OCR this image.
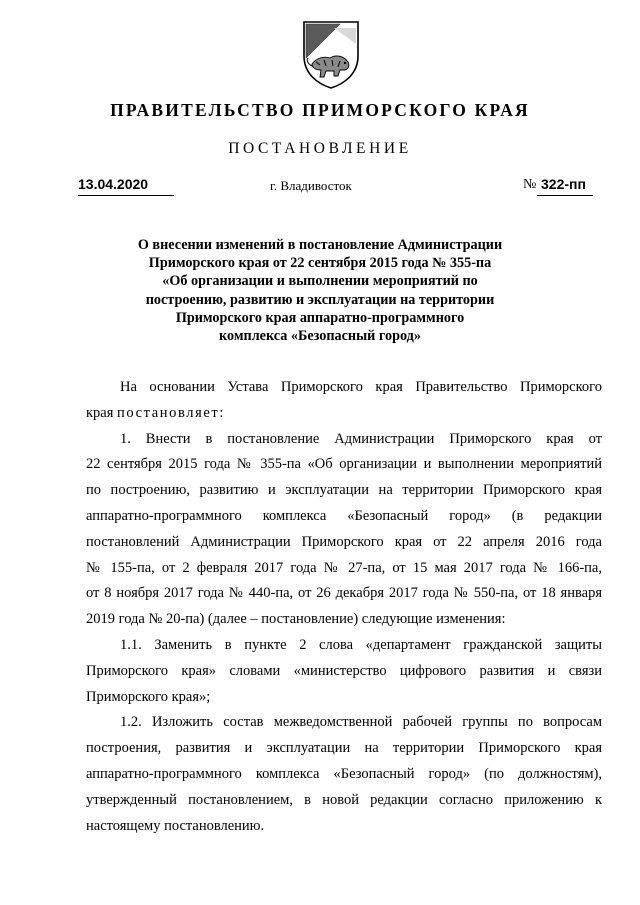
ПРАВИТЕЛЬСТВО ПРИМОРСКОГО КРАЯ
ПОСТАНОВЛЕНИЕ
13.04.2020	г. Владивосток	№ 322-пп
О внесении изменений в постановление Администрации
Приморского края от 22 сентября 2015 года № 355-па
«Об организации и выполнении мероприятий по
построению, развитию и эксплуатации на территории
Приморского края аппаратно-программного
комплекса «Безопасный город»
На основании Устава Приморского края Правительство Приморского
края постановляет:
1. Внести в постановление Администрации Приморского края от
22 сентября 2015 года № 355-па «Об организации и выполнении мероприятий
по построению, развитию и эксплуатации на территории Приморского края
аппаратно-программного комплекса «Безопасный город» (в редакции
постановлений Администрации Приморского края от 22 апреля 2016 года
№ 155-па, от 2 февраля 2017 года № 27-па, от 15 мая 2017 года № 166-па,
от 8 ноября 2017 года № 440-па, от 26 декабря 2017 года № 550-па, от 18 января
2019 года № 20-па) (далее – постановление) следующие изменения:
1.1. Заменить в пункте 2 слова «департамент гражданской защиты
Приморского края» словами «министерство цифрового развития и связи
Приморского края»;
1.2. Изложить состав межведомственной рабочей группы по вопросам
построения, развития и эксплуатации на территории Приморского края
аппаратно-программного комплекса «Безопасный город» (по должностям),
утвержденный постановлением, в новой редакции согласно приложению к
настоящему постановлению.
